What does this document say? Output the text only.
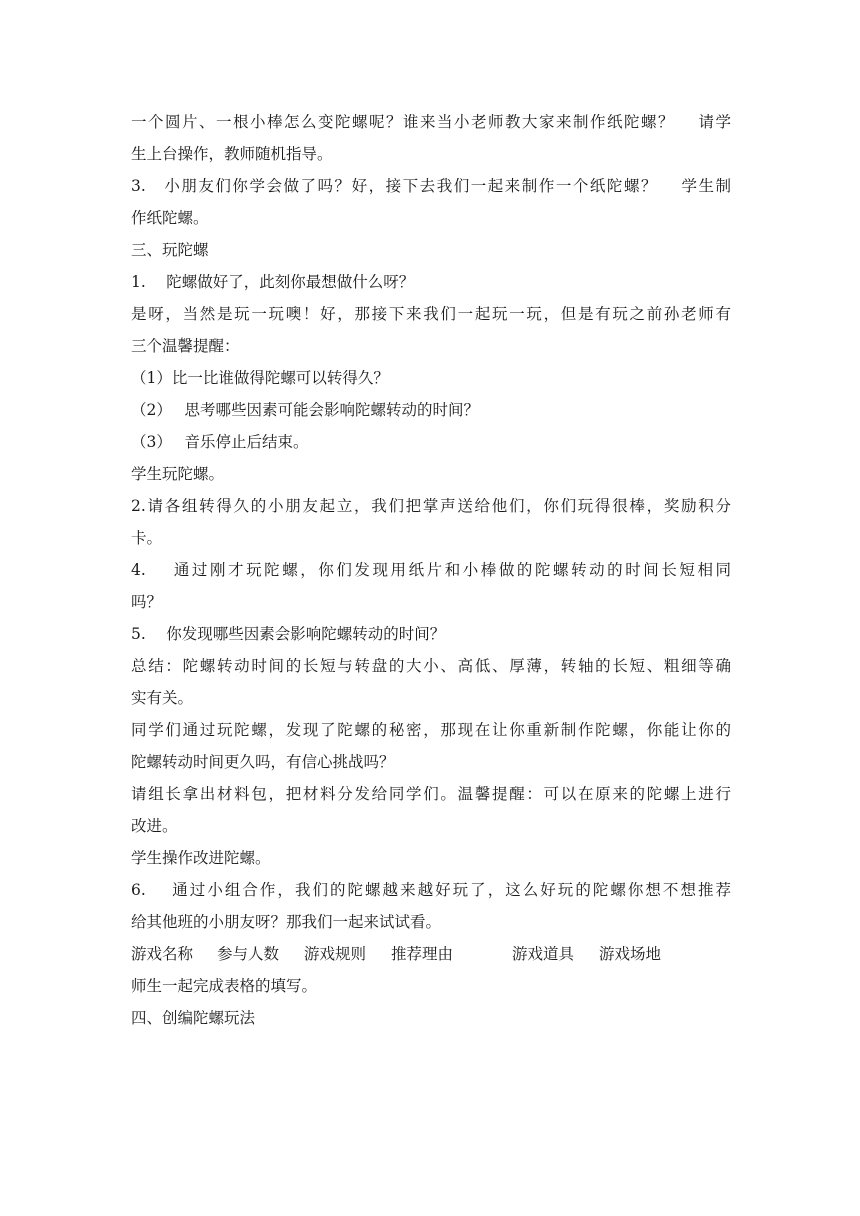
一个圆片、一根小棒怎么变陀螺呢？谁来当小老师教大家来制作纸陀螺？　 请学
生上台操作，教师随机指导。
3.　小朋友们你学会做了吗？好，接下去我们一起来制作一个纸陀螺？　 学生制
作纸陀螺。
三、玩陀螺
1.　 陀螺做好了，此刻你最想做什么呀？
是呀，当然是玩一玩噢！好，那接下来我们一起玩一玩，但是有玩之前孙老师有
三个温馨提醒：
（1）比一比谁做得陀螺可以转得久？
（2）　 思考哪些因素可能会影响陀螺转动的时间？
（3）　 音乐停止后结束。
学生玩陀螺。
2.请各组转得久的小朋友起立，我们把掌声送给他们，你们玩得很棒，奖励积分
卡。
4.　 通过刚才玩陀螺，你们发现用纸片和小棒做的陀螺转动的时间长短相同
吗？
5.　 你发现哪些因素会影响陀螺转动的时间？
总结：陀螺转动时间的长短与转盘的大小、高低、厚薄，转轴的长短、粗细等确
实有关。
同学们通过玩陀螺，发现了陀螺的秘密，那现在让你重新制作陀螺，你能让你的
陀螺转动时间更久吗，有信心挑战吗？
请组长拿出材料包，把材料分发给同学们。温馨提醒：可以在原来的陀螺上进行
改进。
学生操作改进陀螺。
6.　 通过小组合作，我们的陀螺越来越好玩了，这么好玩的陀螺你想不想推荐
给其他班的小朋友呀？那我们一起来试试看。
游戏名称 参与人数 游戏规则 推荐理由	游戏道具 游戏场地
师生一起完成表格的填写。
四、创编陀螺玩法
